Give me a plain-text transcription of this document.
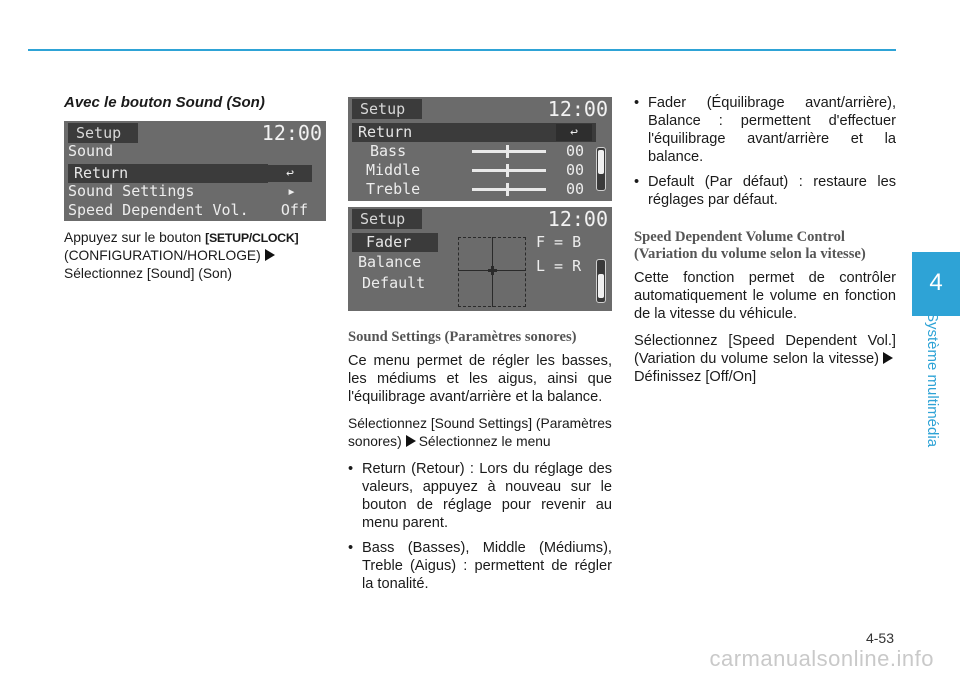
Avec le bouton Sound (Son)
Setup	12:00
Sound
Return	↩
Sound Settings	▸
Speed Dependent Vol. Off

Appuyez sur le bouton [SETUP/CLOCK]
(CONFIGURATION/HORLOGE)
Sélectionnez [Sound] (Son)

Setup	12:00
Return	↩
Bass	00
Middle	00
Treble	00
Setup	12:00
Fader
Balance
Default
F = B
L = R
Sound Settings (Paramètres sonores)

Ce menu permet de régler les basses, les médiums et les aigus, ainsi que l'équilibrage avant/arrière et la balance.

Sélectionnez [Sound Settings] (Paramètres sonores) Sélectionnez le menu

• Return (Retour) : Lors du réglage des valeurs, appuyez à nouveau sur le bouton de réglage pour revenir au menu parent.
• Bass (Basses), Middle (Médiums), Treble (Aigus) : permettent de régler la tonalité.
• Fader (Équilibrage avant/arrière), Balance : permettent d'effectuer l'équilibrage avant/arrière et la balance.
• Default (Par défaut) : restaure les réglages par défaut.
Speed Dependent Volume Control (Variation du volume selon la vitesse)

Cette fonction permet de contrôler automatiquement le volume en fonction de la vitesse du véhicule.

Sélectionnez [Speed Dependent Vol.] (Variation du volume selon la vitesse)Définissez [Off/On]

4
Système multimédia
4-53
carmanualsonline.info
